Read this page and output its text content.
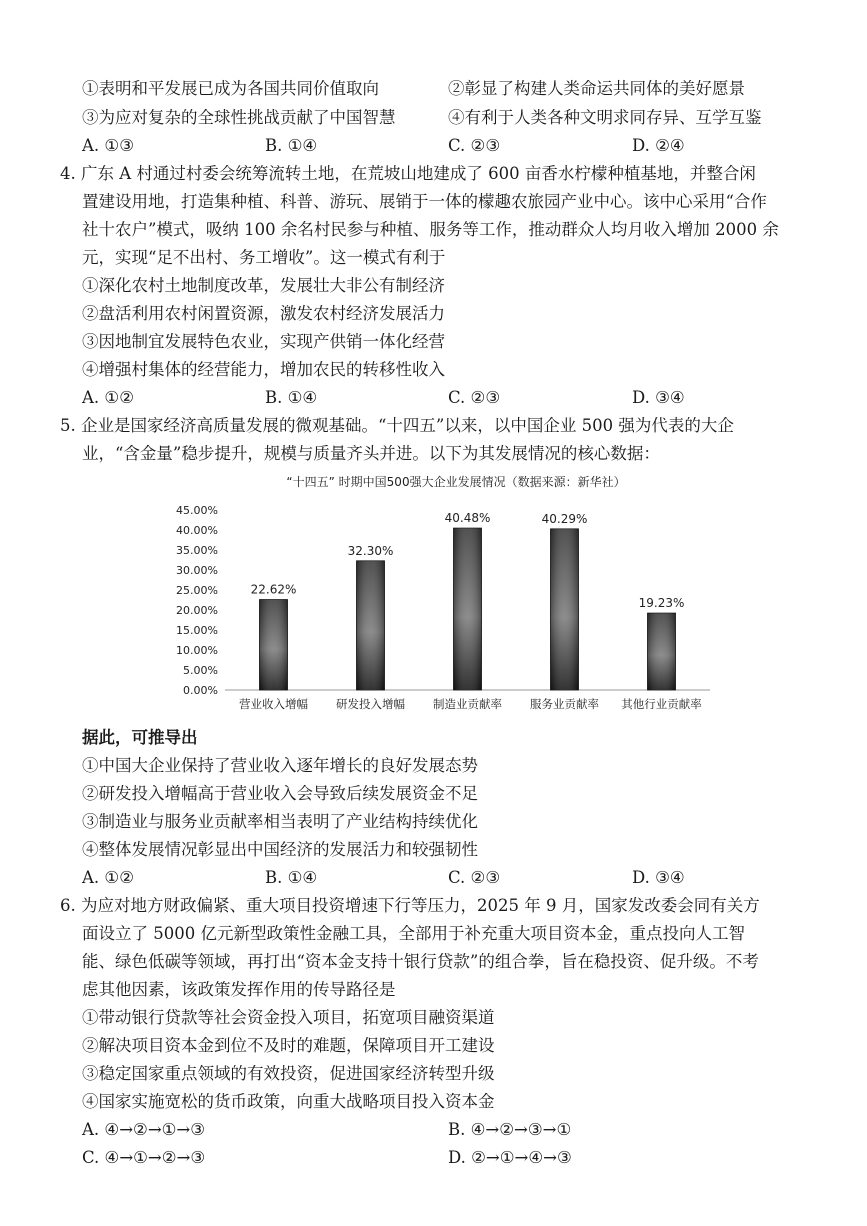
①表明和平发展已成为各国共同价值取向	②彰显了构建人类命运共同体的美好愿景
③为应对复杂的全球性挑战贡献了中国智慧	④有利于人类各种文明求同存异、互学互鉴
A. ①③	B. ①④	C. ②③	D. ②④
4. 广东 A 村通过村委会统筹流转土地，在荒坡山地建成了 600 亩香水柠檬种植基地，并整合闲
置建设用地，打造集种植、科普、游玩、展销于一体的檬趣农旅园产业中心。该中心采用“合作
社十农户”模式，吸纳 100 余名村民参与种植、服务等工作，推动群众人均月收入增加 2000 余
元，实现“足不出村、务工增收”。这一模式有利于
①深化农村土地制度改革，发展壮大非公有制经济
②盘活利用农村闲置资源，激发农村经济发展活力
③因地制宜发展特色农业，实现产供销一体化经营
④增强村集体的经营能力，增加农民的转移性收入
A. ①②	B. ①④	C. ②③	D. ③④
5. 企业是国家经济高质量发展的微观基础。“十四五”以来，以中国企业 500 强为代表的大企
业，“含金量”稳步提升，规模与质量齐头并进。以下为其发展情况的核心数据：
“十四五” 时期中国500强大企业发展情况（数据来源：新华社）
0.00%
5.00%
10.00%
15.00%
20.00%
25.00%
30.00%
35.00%
40.00%
45.00%
22.62%
营业收入增幅
32.30%
研发投入增幅
40.48%
制造业贡献率
40.29%
服务业贡献率
19.23%
其他行业贡献率
据此，可推导出
①中国大企业保持了营业收入逐年增长的良好发展态势
②研发投入增幅高于营业收入会导致后续发展资金不足
③制造业与服务业贡献率相当表明了产业结构持续优化
④整体发展情况彰显出中国经济的发展活力和较强韧性
A. ①②	B. ①④	C. ②③	D. ③④
6. 为应对地方财政偏紧、重大项目投资增速下行等压力，2025 年 9 月，国家发改委会同有关方
面设立了 5000 亿元新型政策性金融工具，全部用于补充重大项目资本金，重点投向人工智
能、绿色低碳等领域，再打出“资本金支持十银行贷款”的组合拳，旨在稳投资、促升级。不考
虑其他因素，该政策发挥作用的传导路径是
①带动银行贷款等社会资金投入项目，拓宽项目融资渠道
②解决项目资本金到位不及时的难题，保障项目开工建设
③稳定国家重点领域的有效投资，促进国家经济转型升级
④国家实施宽松的货币政策，向重大战略项目投入资本金
A. ④→②→①→③	B. ④→②→③→①
C. ④→①→②→③	D. ②→①→④→③
